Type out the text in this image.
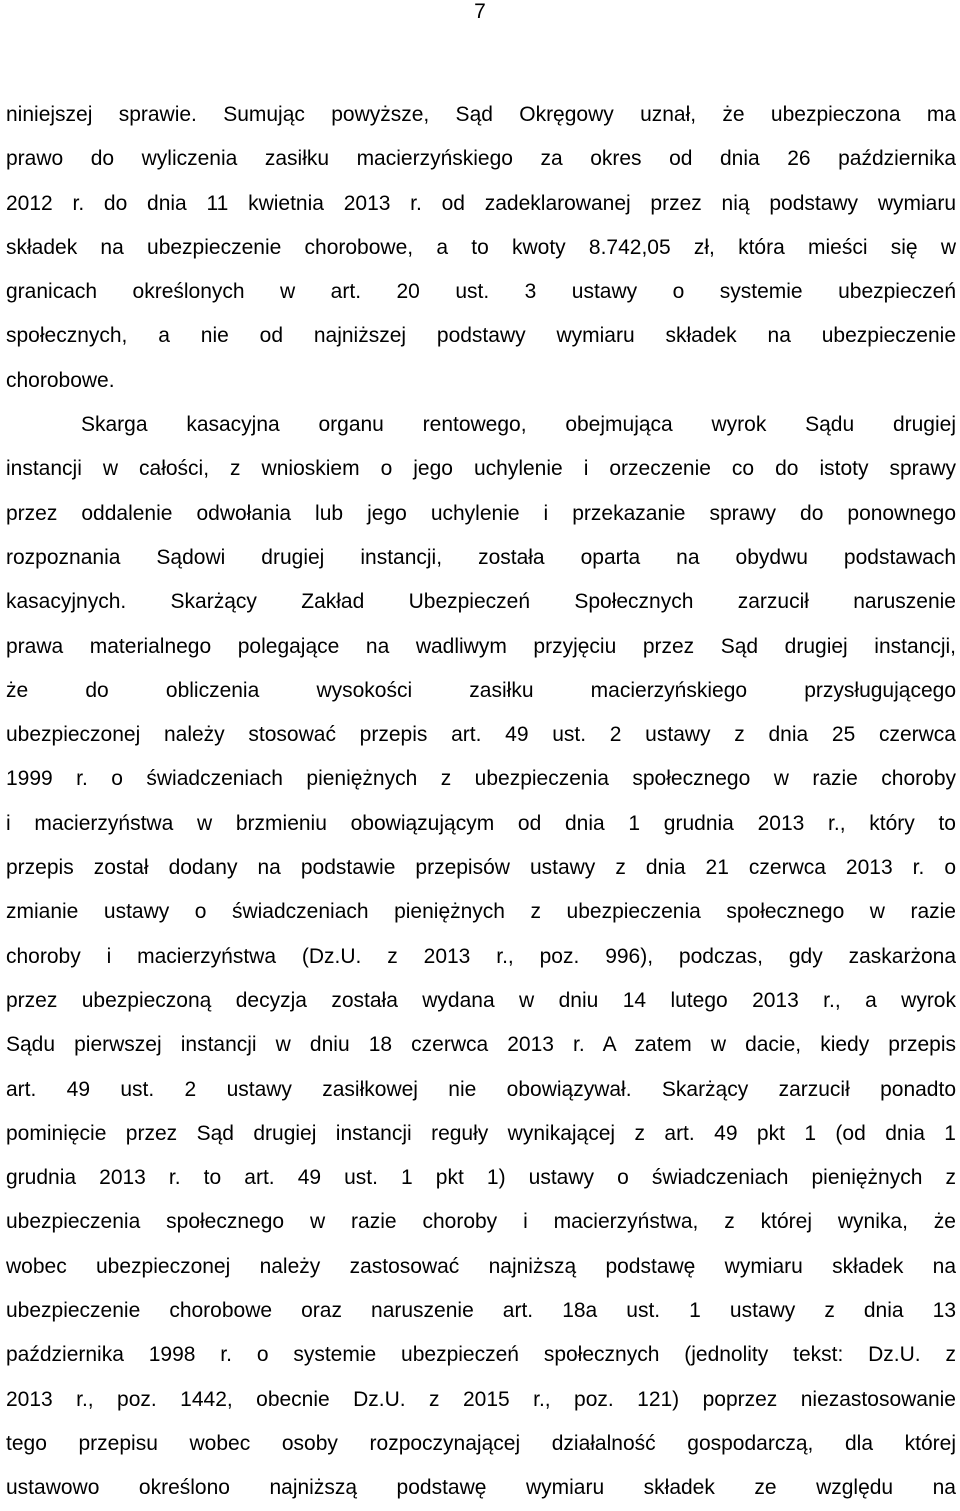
7
niniejszej sprawie. Sumując powyższe, Sąd Okręgowy uznał, że ubezpieczona ma
prawo do wyliczenia zasiłku macierzyńskiego za okres od dnia 26 października
2012 r. do dnia 11 kwietnia 2013 r. od zadeklarowanej przez nią podstawy wymiaru
składek na ubezpieczenie chorobowe, a to kwoty 8.742,05 zł, która mieści się w
granicach określonych w art. 20 ust. 3 ustawy o systemie ubezpieczeń
społecznych, a nie od najniższej podstawy wymiaru składek na ubezpieczenie
chorobowe.
Skarga kasacyjna organu rentowego, obejmująca wyrok Sądu drugiej
instancji w całości, z wnioskiem o jego uchylenie i orzeczenie co do istoty sprawy
przez oddalenie odwołania lub jego uchylenie i przekazanie sprawy do ponownego
rozpoznania Sądowi drugiej instancji, została oparta na obydwu podstawach
kasacyjnych. Skarżący Zakład Ubezpieczeń Społecznych zarzucił naruszenie
prawa materialnego polegające na wadliwym przyjęciu przez Sąd drugiej instancji,
że do obliczenia wysokości zasiłku macierzyńskiego przysługującego
ubezpieczonej należy stosować przepis art. 49 ust. 2 ustawy z dnia 25 czerwca
1999 r. o świadczeniach pieniężnych z ubezpieczenia społecznego w razie choroby
i macierzyństwa w brzmieniu obowiązującym od dnia 1 grudnia 2013 r., który to
przepis został dodany na podstawie przepisów ustawy z dnia 21 czerwca 2013 r. o
zmianie ustawy o świadczeniach pieniężnych z ubezpieczenia społecznego w razie
choroby i macierzyństwa (Dz.U. z 2013 r., poz. 996), podczas, gdy zaskarżona
przez ubezpieczoną decyzja została wydana w dniu 14 lutego 2013 r., a wyrok
Sądu pierwszej instancji w dniu 18 czerwca 2013 r. A zatem w dacie, kiedy przepis
art. 49 ust. 2 ustawy zasiłkowej nie obowiązywał. Skarżący zarzucił ponadto
pominięcie przez Sąd drugiej instancji reguły wynikającej z art. 49 pkt 1 (od dnia 1
grudnia 2013 r. to art. 49 ust. 1 pkt 1) ustawy o świadczeniach pieniężnych z
ubezpieczenia społecznego w razie choroby i macierzyństwa, z której wynika, że
wobec ubezpieczonej należy zastosować najniższą podstawę wymiaru składek na
ubezpieczenie chorobowe oraz naruszenie art. 18a ust. 1 ustawy z dnia 13
października 1998 r. o systemie ubezpieczeń społecznych (jednolity tekst: Dz.U. z
2013 r., poz. 1442, obecnie Dz.U. z 2015 r., poz. 121) poprzez niezastosowanie
tego przepisu wobec osoby rozpoczynającej działalność gospodarczą, dla której
ustawowo określono najniższą podstawę wymiaru składek ze względu na
